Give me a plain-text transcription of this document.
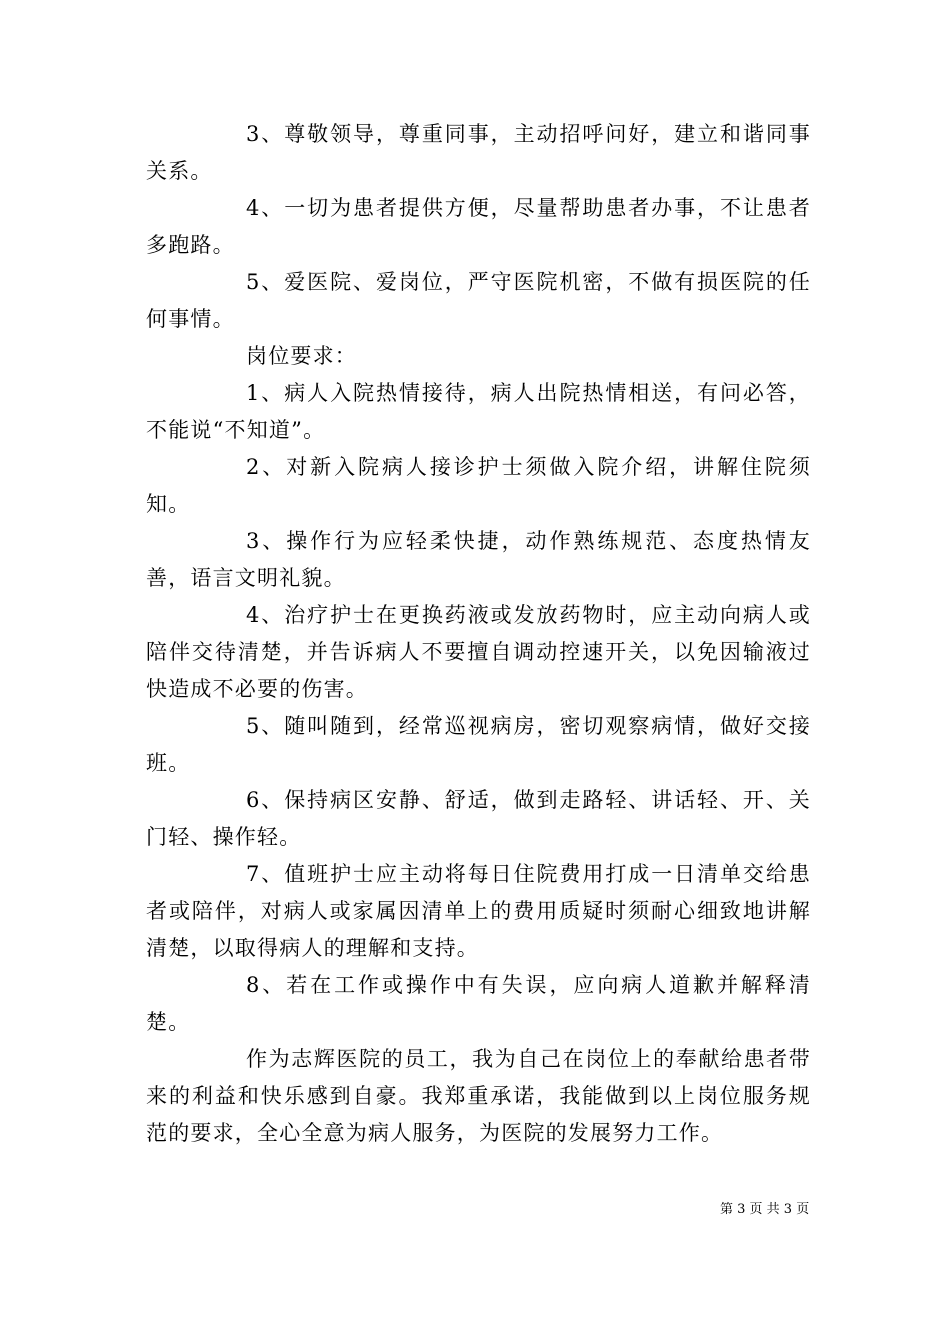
3、尊敬领导，尊重同事，主动招呼问好，建立和谐同事关系。

4、一切为患者提供方便，尽量帮助患者办事，不让患者多跑路。

5、爱医院、爱岗位，严守医院机密，不做有损医院的任何事情。

岗位要求：

1、病人入院热情接待，病人出院热情相送，有问必答，不能说“不知道”。

2、对新入院病人接诊护士须做入院介绍，讲解住院须知。

3、操作行为应轻柔快捷，动作熟练规范、态度热情友善，语言文明礼貌。

4、治疗护士在更换药液或发放药物时，应主动向病人或陪伴交待清楚，并告诉病人不要擅自调动控速开关，以免因输液过快造成不必要的伤害。

5、随叫随到，经常巡视病房，密切观察病情，做好交接班。

6、保持病区安静、舒适，做到走路轻、讲话轻、开、关门轻、操作轻。

7、值班护士应主动将每日住院费用打成一日清单交给患者或陪伴，对病人或家属因清单上的费用质疑时须耐心细致地讲解清楚，以取得病人的理解和支持。

8、若在工作或操作中有失误，应向病人道歉并解释清楚。

作为志辉医院的员工，我为自己在岗位上的奉献给患者带来的利益和快乐感到自豪。我郑重承诺，我能做到以上岗位服务规范的要求，全心全意为病人服务，为医院的发展努力工作。

第 3 页 共 3 页
